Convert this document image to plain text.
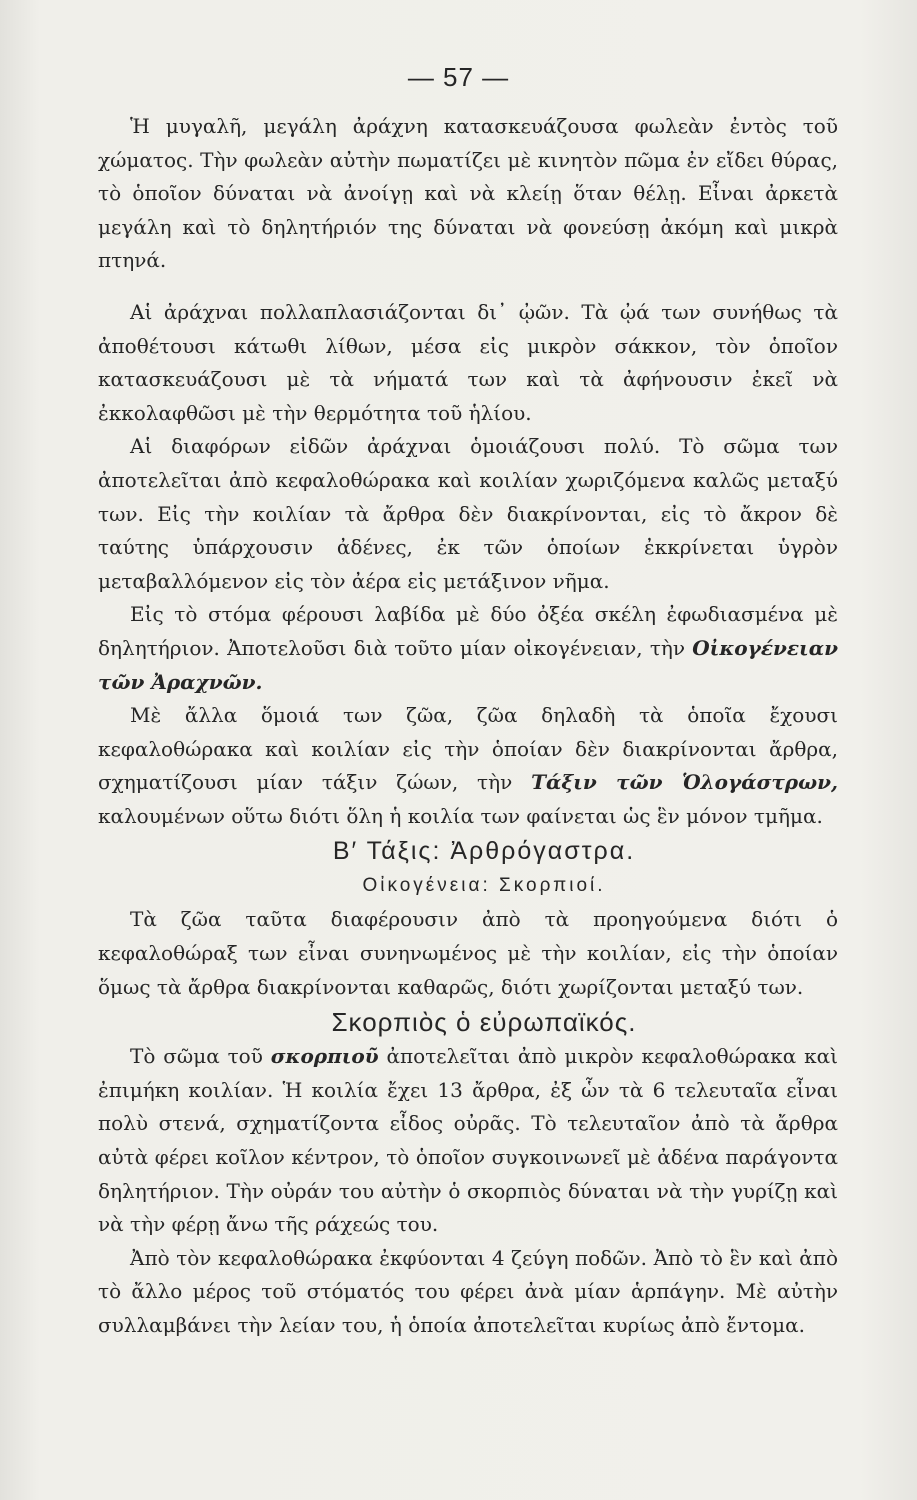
— 57 —

Ἡ μυγαλῆ, μεγάλη ἀράχνη κατασκευάζουσα φωλεὰν ἐντὸς τοῦ χώματος. Τὴν φωλεὰν αὐτὴν πωματίζει μὲ κινητὸν πῶμα ἐν εἴδει θύρας, τὸ ὁποῖον δύναται νὰ ἀνοίγῃ καὶ νὰ κλείῃ ὅταν θέλῃ. Εἶναι ἀρκετὰ μεγάλη καὶ τὸ δηλητήριόν της δύναται νὰ φονεύσῃ ἀκόμη καὶ μικρὰ πτηνά.

Αἱ ἀράχναι πολλαπλασιάζονται δι᾽ ᾠῶν. Τὰ ᾠά των συνήθως τὰ ἀποθέτουσι κάτωθι λίθων, μέσα εἰς μικρὸν σάκκον, τὸν ὁποῖον κατασκευάζουσι μὲ τὰ νήματά των καὶ τὰ ἀφήνουσιν ἐκεῖ νὰ ἐκκολαφθῶσι μὲ τὴν θερμότητα τοῦ ἡλίου.

Αἱ διαφόρων εἰδῶν ἀράχναι ὁμοιάζουσι πολύ. Τὸ σῶμα των ἀποτελεῖται ἀπὸ κεφαλοθώρακα καὶ κοιλίαν χωριζόμενα καλῶς μεταξύ των. Εἰς τὴν κοιλίαν τὰ ἄρθρα δὲν διακρίνονται, εἰς τὸ ἄκρον δὲ ταύτης ὑπάρχουσιν ἀδένες, ἐκ τῶν ὁποίων ἐκκρίνεται ὑγρὸν μεταβαλλόμενον εἰς τὸν ἀέρα εἰς μετάξινον νῆμα.

Εἰς τὸ στόμα φέρουσι λαβίδα μὲ δύο ὀξέα σκέλη ἐφωδιασμένα μὲ δηλητήριον. Ἀποτελοῦσι διὰ τοῦτο μίαν οἰκογένειαν, τὴν Οἰκογένειαν τῶν Ἀραχνῶν.

Μὲ ἄλλα ὅμοιά των ζῶα, ζῶα δηλαδὴ τὰ ὁποῖα ἔχουσι κεφαλοθώρακα καὶ κοιλίαν εἰς τὴν ὁποίαν δὲν διακρίνονται ἄρθρα, σχηματίζουσι μίαν τάξιν ζώων, τὴν Τάξιν τῶν Ὁλογάστρων, καλουμένων οὕτω διότι ὅλη ἡ κοιλία των φαίνεται ὡς ἓν μόνον τμῆμα.

Β′ Τάξις: Ἀρθρόγαστρα.

Οἰκογένεια: Σκορπιοί.

Τὰ ζῶα ταῦτα διαφέρουσιν ἀπὸ τὰ προηγούμενα διότι ὁ κεφαλοθώραξ των εἶναι συνηνωμένος μὲ τὴν κοιλίαν, εἰς τὴν ὁποίαν ὅμως τὰ ἄρθρα διακρίνονται καθαρῶς, διότι χωρίζονται μεταξύ των.

Σκορπιὸς ὁ εὐρωπαϊκός.

Τὸ σῶμα τοῦ σκορπιοῦ ἀποτελεῖται ἀπὸ μικρὸν κεφαλοθώρακα καὶ ἐπιμήκη κοιλίαν. Ἡ κοιλία ἔχει 13 ἄρθρα, ἐξ ὧν τὰ 6 τελευταῖα εἶναι πολὺ στενά, σχηματίζοντα εἶδος οὐρᾶς. Τὸ τελευταῖον ἀπὸ τὰ ἄρθρα αὐτὰ φέρει κοῖλον κέντρον, τὸ ὁποῖον συγκοινωνεῖ μὲ ἀδένα παράγοντα δηλητήριον. Τὴν οὐράν του αὐτὴν ὁ σκορπιὸς δύναται νὰ τὴν γυρίζῃ καὶ νὰ τὴν φέρῃ ἄνω τῆς ράχεώς του.

Ἀπὸ τὸν κεφαλοθώρακα ἐκφύονται 4 ζεύγη ποδῶν. Ἀπὸ τὸ ἓν καὶ ἀπὸ τὸ ἄλλο μέρος τοῦ στόματός του φέρει ἀνὰ μίαν ἁρπάγην. Μὲ αὐτὴν συλλαμβάνει τὴν λείαν του, ἡ ὁποία ἀποτελεῖται κυρίως ἀπὸ ἔντομα.
